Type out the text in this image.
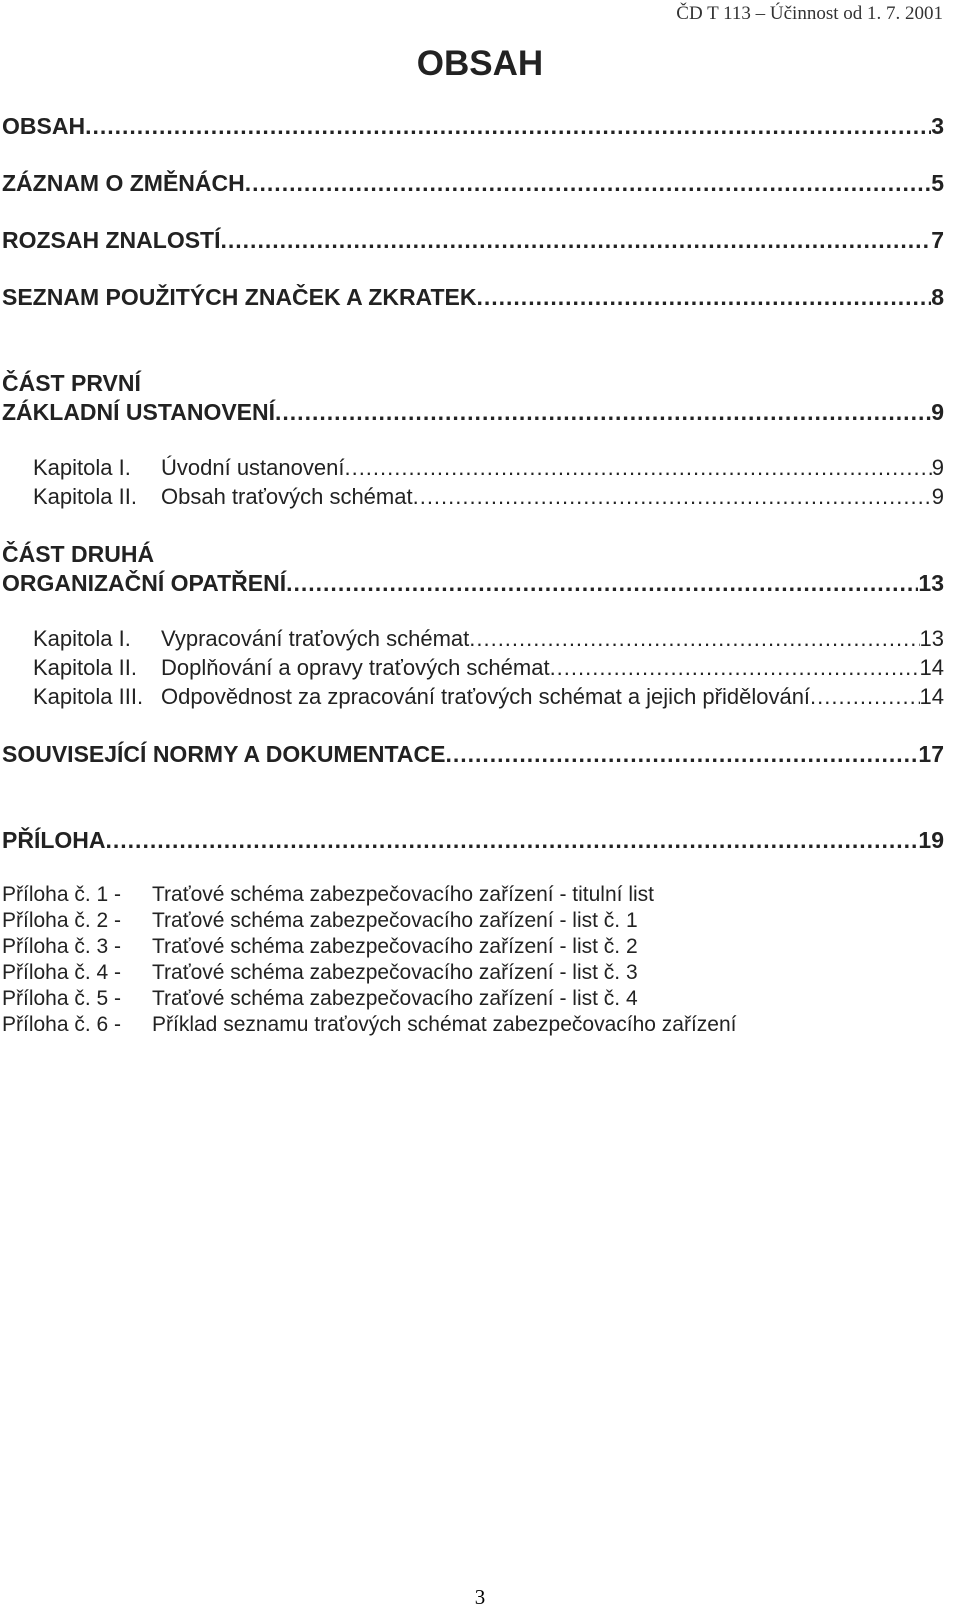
ČD T 113 – Účinnost od 1. 7. 2001
OBSAH
OBSAH .....	3
ZÁZNAM O ZMĚNÁCH .....	5
ROZSAH ZNALOSTÍ .....	7
SEZNAM POUŽITÝCH ZNAČEK A ZKRATEK .....	8
ČÁST PRVNÍ
ZÁKLADNÍ USTANOVENÍ .....	9
Kapitola I. Úvodní ustanovení .....	9
Kapitola II. Obsah traťových schémat .....	9
ČÁST DRUHÁ
ORGANIZAČNÍ OPATŘENÍ .....	13
Kapitola I. Vypracování traťových schémat .....	13
Kapitola II. Doplňování a opravy traťových schémat .....	14
Kapitola III. Odpovědnost za zpracování traťových schémat a jejich přidělování .....	14
SOUVISEJÍCÍ NORMY A DOKUMENTACE .....	17
PŘÍLOHA .....	19
Příloha č. 1 - Traťové schéma zabezpečovacího zařízení - titulní list
Příloha č. 2 - Traťové schéma zabezpečovacího zařízení - list č. 1
Příloha č. 3 - Traťové schéma zabezpečovacího zařízení - list č. 2
Příloha č. 4 - Traťové schéma zabezpečovacího zařízení - list č. 3
Příloha č. 5 - Traťové schéma zabezpečovacího zařízení - list č. 4
Příloha č. 6 - Příklad seznamu traťových schémat zabezpečovacího zařízení
3
